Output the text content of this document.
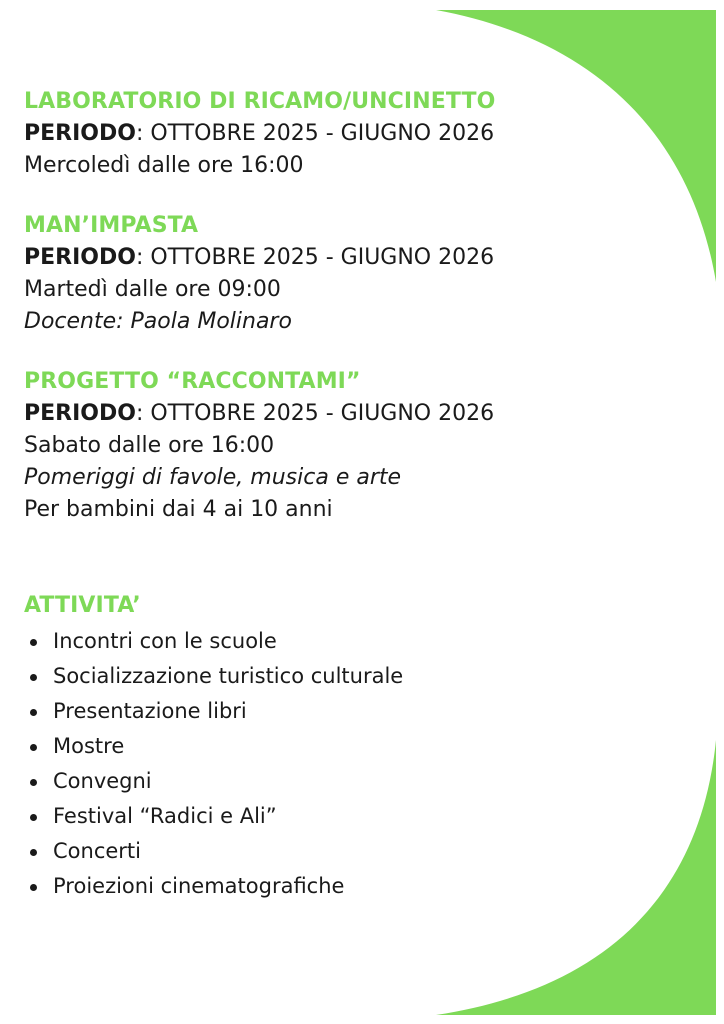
LABORATORIO DI RICAMO/UNCINETTO
PERIODO: OTTOBRE 2025 - GIUGNO 2026
Mercoledì dalle ore 16:00
MAN’IMPASTA
PERIODO: OTTOBRE 2025 - GIUGNO 2026
Martedì dalle ore 09:00
Docente: Paola Molinaro
PROGETTO “RACCONTAMI”
PERIODO: OTTOBRE 2025 - GIUGNO 2026
Sabato dalle ore 16:00
Pomeriggi di favole, musica e arte
Per bambini dai 4 ai 10 anni
ATTIVITA’
Incontri con le scuole
Socializzazione turistico culturale
Presentazione libri
Mostre
Convegni
Festival “Radici e Ali”
Concerti
Proiezioni cinematografiche
